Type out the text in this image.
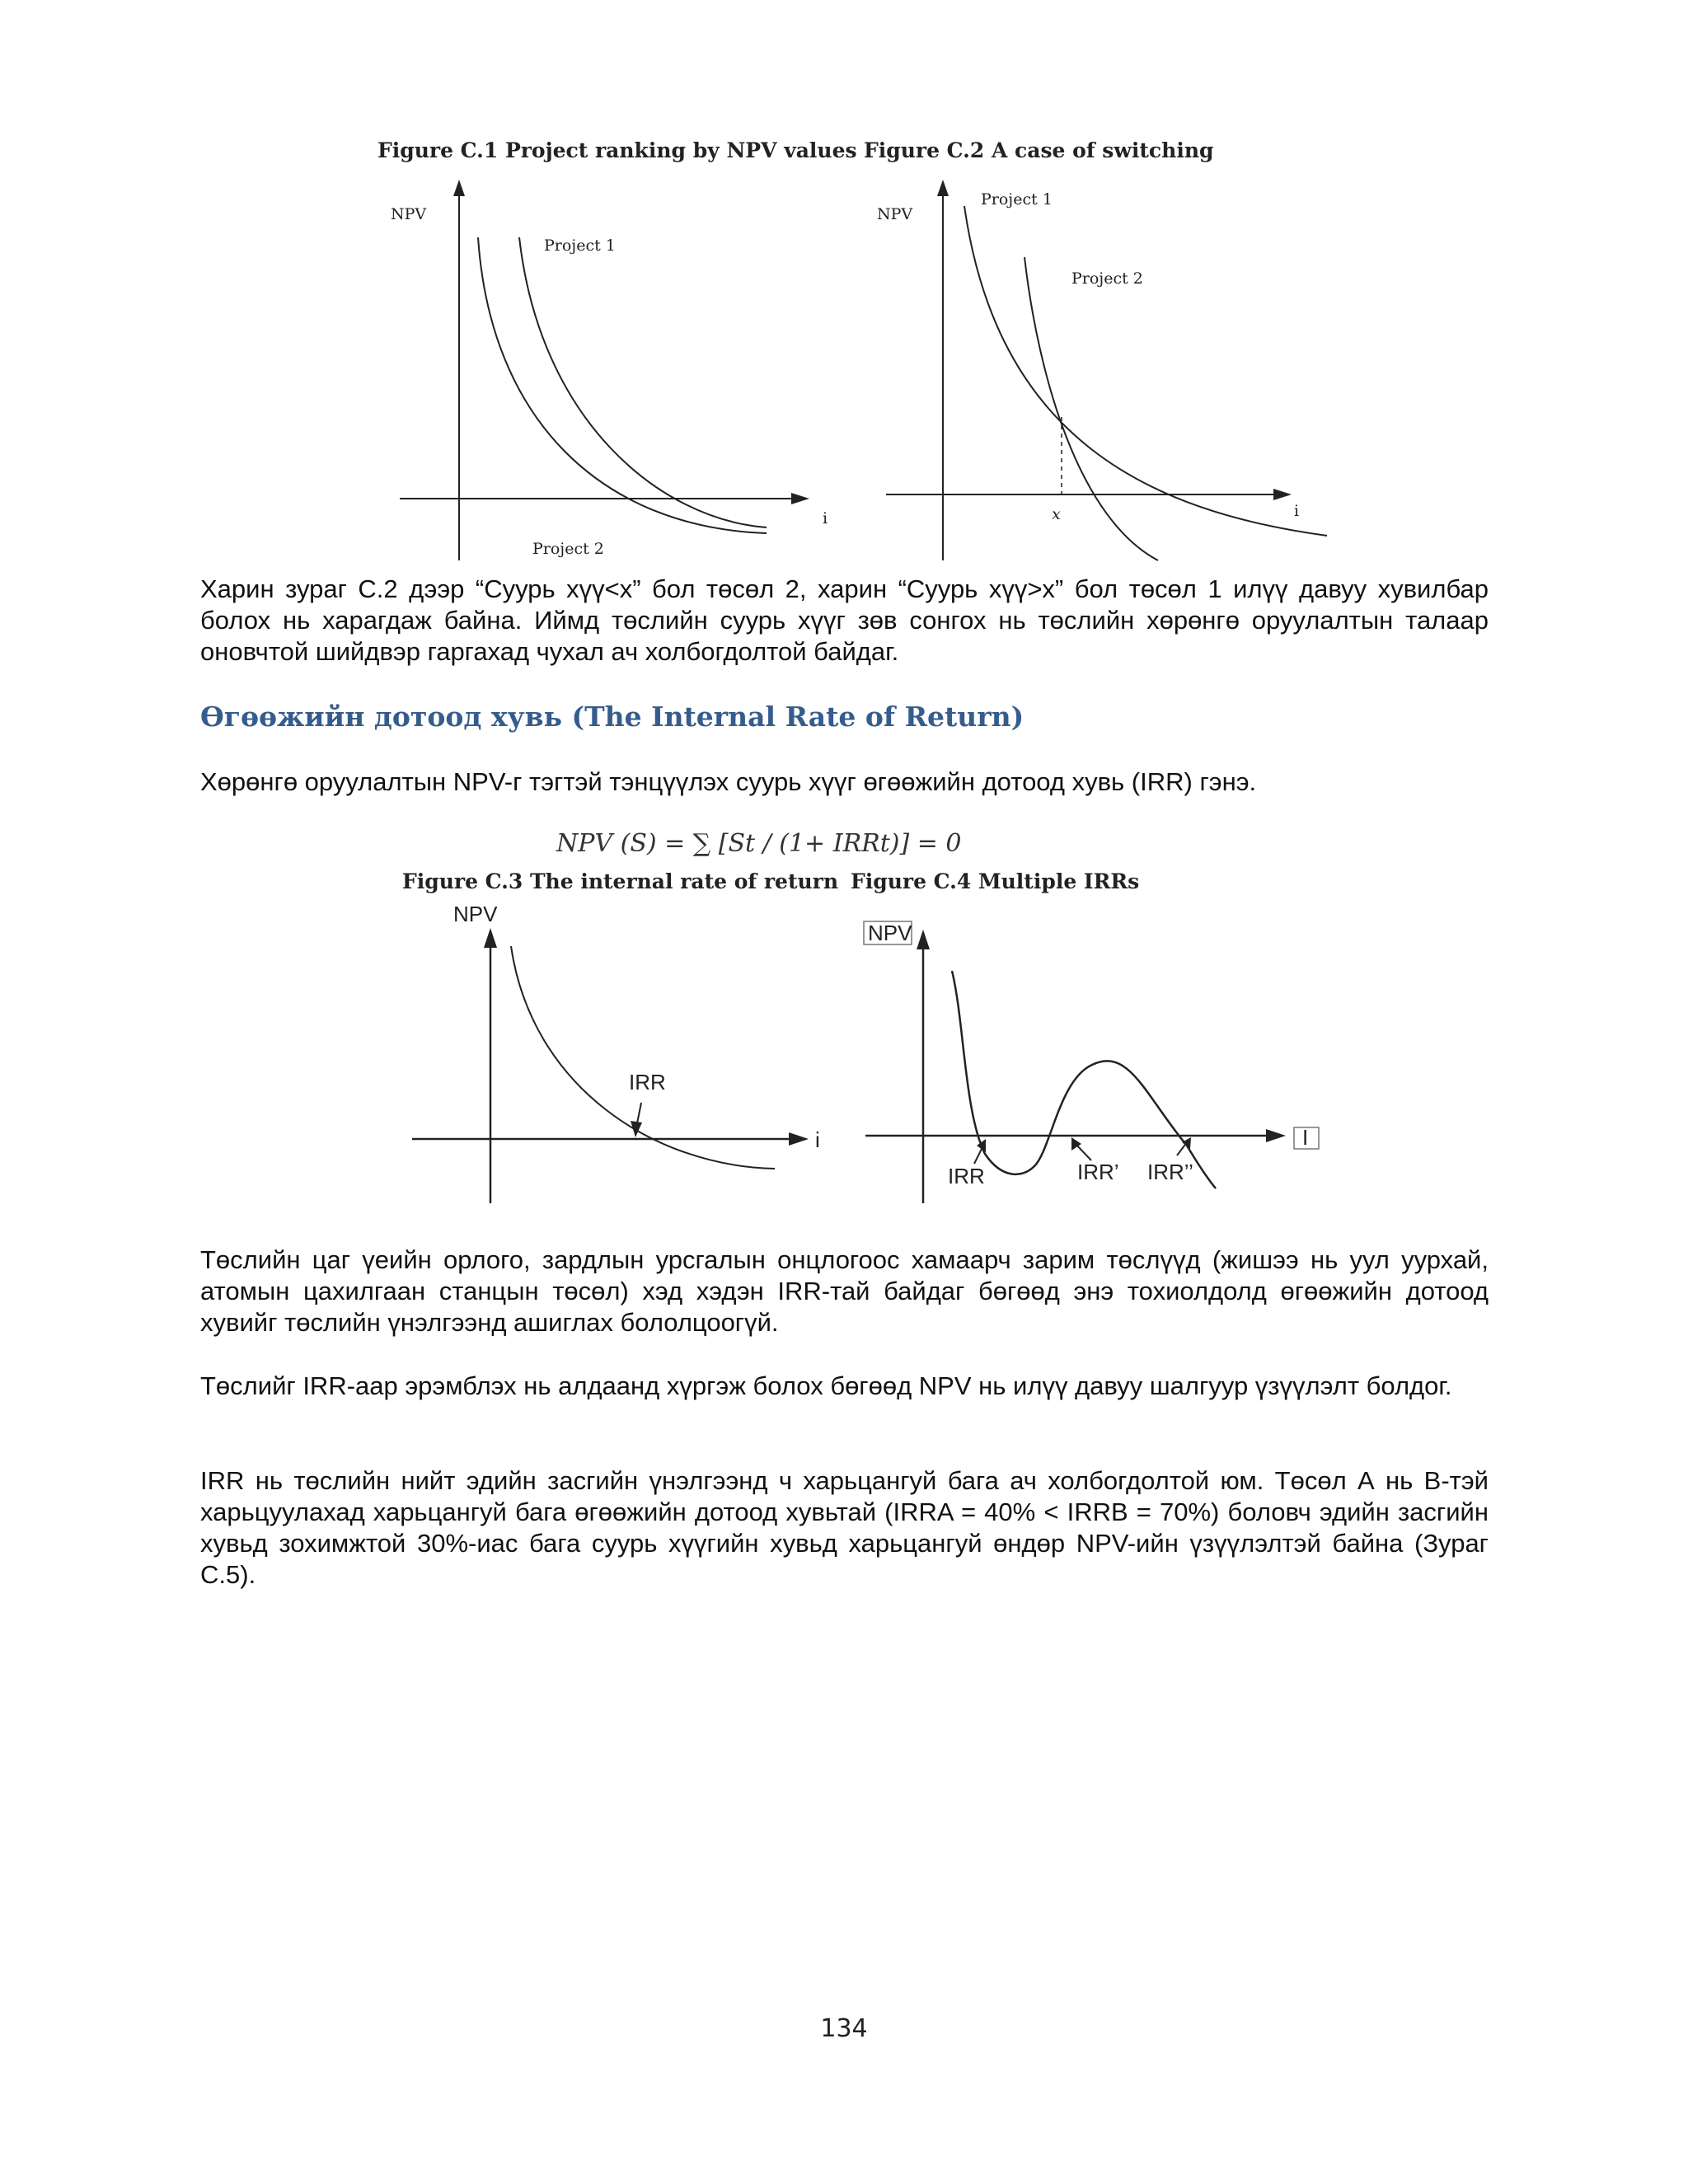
Figure C.1 Project ranking by NPV values
NPV
Project 1
Project 2
i
Figure C.2 A case of switching
NPV
Project 1
Project 2
x	i
Харин зураг С.2 дээр “Суурь хүү<x” бол төсөл 2, харин “Суурь хүү>x” бол төсөл 1 илүү давуу хувилбар болох нь харагдаж байна. Иймд төслийн суурь хүүг зөв сонгох нь төслийн хөрөнгө оруулалтын талаар оновчтой шийдвэр гаргахад чухал ач холбогдолтой байдаг.
Өгөөжийн дотоод хувь (The Internal Rate of Return)
Хөрөнгө оруулалтын NPV-г тэгтэй тэнцүүлэх суурь хүүг өгөөжийн дотоод хувь (IRR) гэнэ.
NPV (S) = ∑ [St / (1+ IRRt)] = 0
Figure C.3 The internal rate of return
NPV
IRR
i
Figure C.4 Multiple IRRs
NPV
I
IRR	IRR’ IRR’’
Төслийн цаг үеийн орлого, зардлын урсгалын онцлогоос хамаарч зарим төслүүд (жишээ нь уул уурхай, атомын цахилгаан станцын төсөл) хэд хэдэн IRR-тай байдаг бөгөөд энэ тохиолдолд өгөөжийн дотоод хувийг төслийн үнэлгээнд ашиглах бололцоогүй.
Төслийг IRR-аар эрэмблэх нь алдаанд хүргэж болох бөгөөд NPV нь илүү давуу шалгуур үзүүлэлт болдог.
IRR нь төслийн нийт эдийн засгийн үнэлгээнд ч харьцангуй бага ач холбогдолтой юм. Төсөл А нь В-тэй харьцуулахад харьцангуй бага өгөөжийн дотоод хувьтай (IRRA = 40% < IRRB = 70%) боловч эдийн засгийн хувьд зохимжтой 30%-иас бага суурь хүүгийн хувьд харьцангуй өндөр NPV-ийн үзүүлэлтэй байна (Зураг С.5).
134
